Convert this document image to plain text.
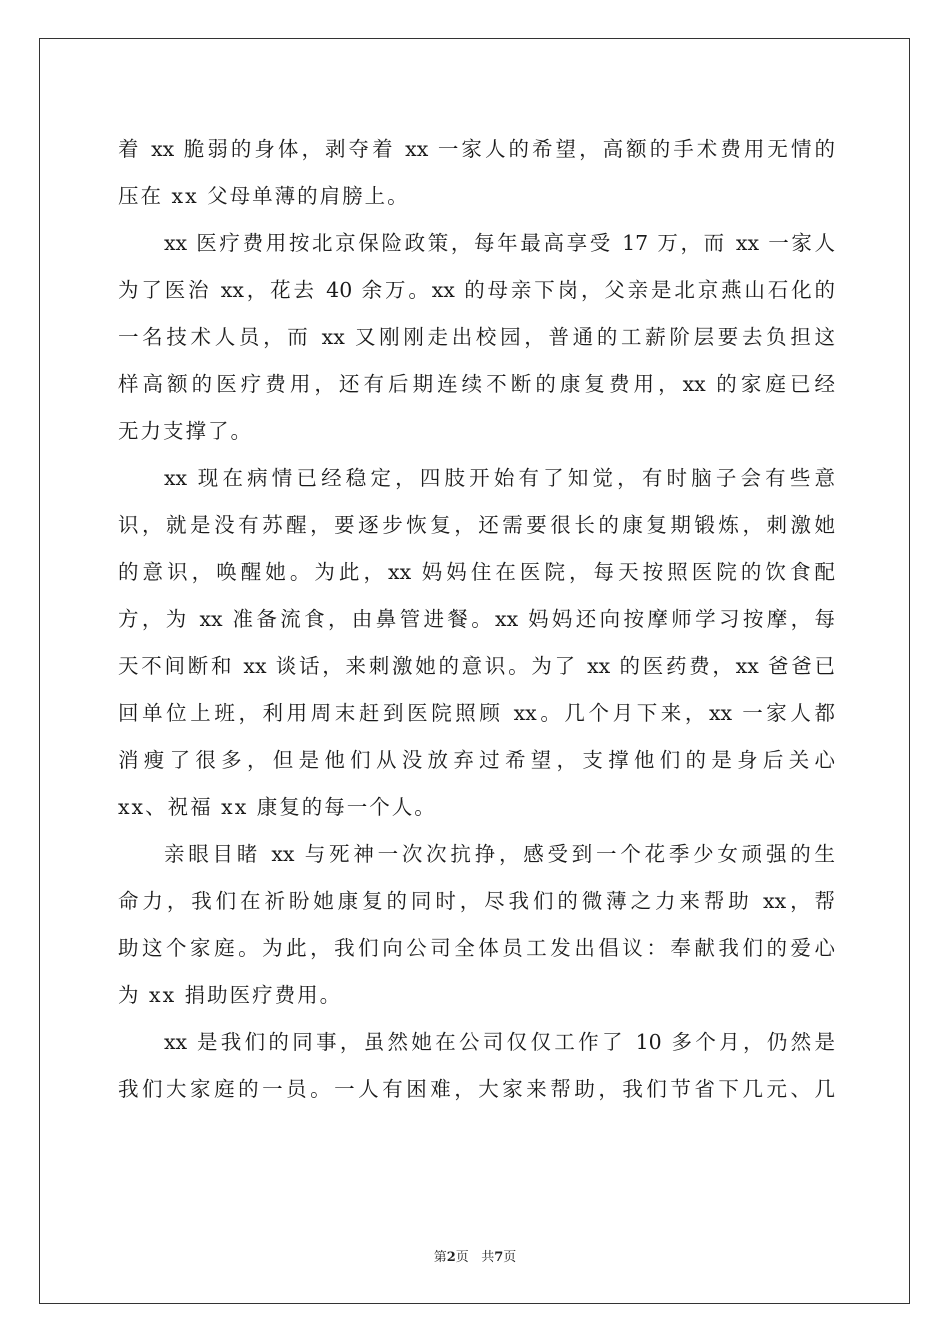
着 xx 脆弱的身体，剥夺着 xx 一家人的希望，高额的手术费用无情的
压在 xx 父母单薄的肩膀上。
xx 医疗费用按北京保险政策，每年最高享受 17 万，而 xx 一家人
为了医治 xx，花去 40 余万。xx 的母亲下岗，父亲是北京燕山石化的
一名技术人员，而 xx 又刚刚走出校园，普通的工薪阶层要去负担这
样高额的医疗费用，还有后期连续不断的康复费用，xx 的家庭已经
无力支撑了。
xx 现在病情已经稳定，四肢开始有了知觉，有时脑子会有些意
识，就是没有苏醒，要逐步恢复，还需要很长的康复期锻炼，刺激她
的意识，唤醒她。为此，xx 妈妈住在医院，每天按照医院的饮食配
方，为 xx 准备流食，由鼻管进餐。xx 妈妈还向按摩师学习按摩，每
天不间断和 xx 谈话，来刺激她的意识。为了 xx 的医药费，xx 爸爸已
回单位上班，利用周末赶到医院照顾 xx。几个月下来，xx 一家人都
消瘦了很多，但是他们从没放弃过希望，支撑他们的是身后关心
xx、祝福 xx 康复的每一个人。
亲眼目睹 xx 与死神一次次抗挣，感受到一个花季少女顽强的生
命力，我们在祈盼她康复的同时，尽我们的微薄之力来帮助 xx，帮
助这个家庭。为此，我们向公司全体员工发出倡议：奉献我们的爱心
为 xx 捐助医疗费用。
xx 是我们的同事，虽然她在公司仅仅工作了 10 多个月，仍然是
我们大家庭的一员。一人有困难，大家来帮助，我们节省下几元、几
第2页 共7页
